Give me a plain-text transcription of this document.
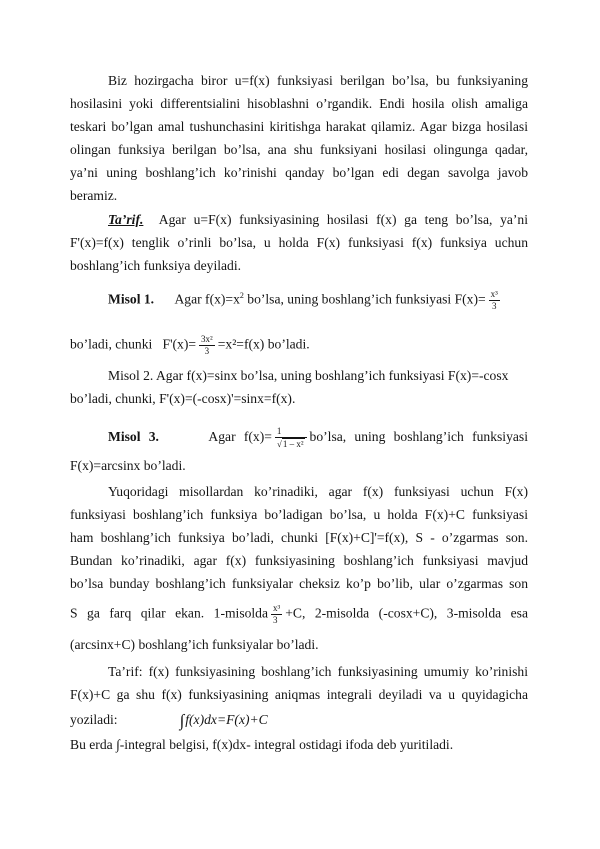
Biz hozirgacha biror u=f(x) funksiyasi berilgan bo’lsa, bu funksiyaning
hosilasini yoki differentsialini hisoblashni o’rgandik. Endi hosila olish amaliga
teskari bo’lgan amal tushunchasini kiritishga harakat qilamiz. Agar bizga hosilasi
olingan funksiya berilgan bo’lsa, ana shu funksiyani hosilasi olingunga qadar,
ya’ni uning boshlang’ich ko’rinishi qanday bo’lgan edi degan savolga javob
beramiz.
Ta’rif. Agar u=F(x) funksiyasining hosilasi f(x) ga teng bo’lsa, ya’ni
F'(x)=f(x) tenglik o’rinli bo’lsa, u holda F(x) funksiyasi f(x) funksiya uchun
boshlang’ich funksiya deyiladi.
Misol 1. Agar $f(x)=x^2$ bo’lsa, uning boshlang’ich funksiyasi $F(x)= \frac{\text{x³}}{3}$
bo’ladi, chunki $F'(x)= \frac{\text{3x²}}{3} =x^2=f(x)$ bo’ladi.
Misol 2. Agar f(x)=sinx bo’lsa, uning boshlang’ich funksiyasi F(x)=-cosx
bo’ladi, chunki, F'(x)=(-cosx)'=sinx=f(x).
Misol 3.	Agar $f(x)= \frac{1}{\text{√1 – x²}}$ bo’lsa, uning boshlang’ich funksiyasi
F(x)=arcsinx bo’ladi.
Yuqoridagi misollardan ko’rinadiki, agar f(x) funksiyasi uchun F(x)
funksiyasi boshlang’ich funksiya bo’ladigan bo’lsa, u holda F(x)+C funksiyasi
ham boshlang’ich funksiya bo’ladi, chunki [F(x)+C]'=f(x), S - o’zgarmas son.
Bundan ko’rinadiki, agar f(x) funksiyasining boshlang’ich funksiyasi mavjud
bo’lsa bunday boshlang’ich funksiyalar cheksiz ko’p bo’lib, ular o’zgarmas son
S ga farq qilar ekan. 1-misolda $\frac{\text{x³}}{3} +C$, 2-misolda (-cosx+C), 3-misolda esa
(arcsinx+C) boshlang’ich funksiyalar bo’ladi.
Ta’rif: f(x) funksiyasining boshlang’ich funksiyasining umumiy ko’rinishi
F(x)+C ga shu f(x) funksiyasining aniqmas integrali deyiladi va u quyidagicha
yoziladi:	∫f(x)dx=F(x)+C
Bu erda ∫-integral belgisi, f(x)dx- integral ostidagi ifoda deb yuritiladi.
